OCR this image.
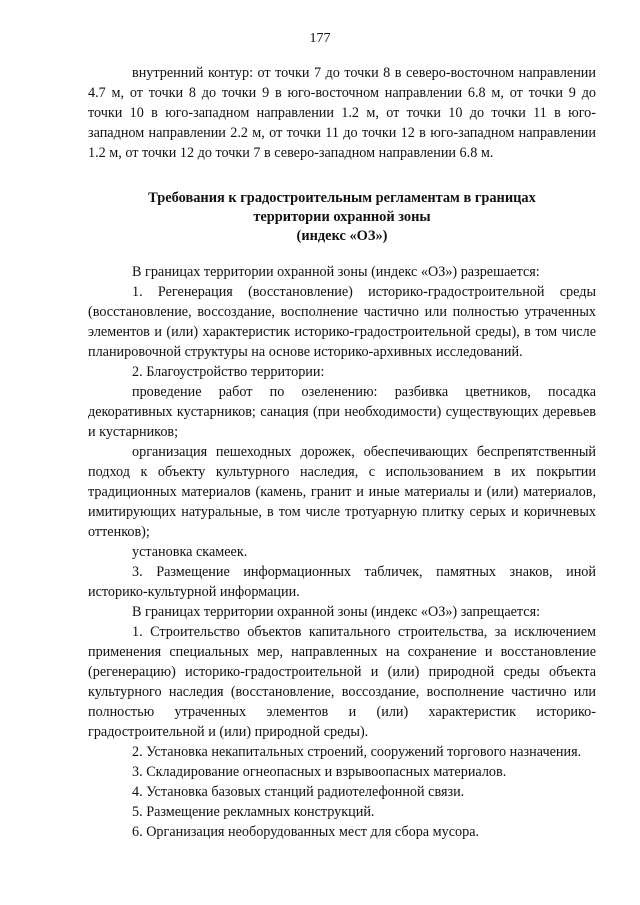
177

внутренний контур: от точки 7 до точки 8 в северо-восточном направлении 4.7 м, от точки 8 до точки 9 в юго-восточном направлении 6.8 м, от точки 9 до точки 10 в юго-западном направлении 1.2 м, от точки 10 до точки 11 в юго-западном направлении 2.2 м, от точки 11 до точки 12 в юго-западном направлении 1.2 м, от точки 12 до точки 7 в северо-западном направлении 6.8 м.

Требования к градостроительным регламентам в границах
территории охранной зоны
(индекс «ОЗ»)

В границах территории охранной зоны (индекс «ОЗ») разрешается:

1. Регенерация (восстановление) историко-градостроительной среды (восстановление, воссоздание, восполнение частично или полностью утраченных элементов и (или) характеристик историко-градостроительной среды), в том числе планировочной структуры на основе историко-архивных исследований.

2. Благоустройство территории:

проведение работ по озеленению: разбивка цветников, посадка декоративных кустарников; санация (при необходимости) существующих деревьев и кустарников;

организация пешеходных дорожек, обеспечивающих беспрепятственный подход к объекту культурного наследия, с использованием в их покрытии традиционных материалов (камень, гранит и иные материалы и (или) материалов, имитирующих натуральные, в том числе тротуарную плитку серых и коричневых оттенков);

установка скамеек.

3. Размещение информационных табличек, памятных знаков, иной историко-культурной информации.

В границах территории охранной зоны (индекс «ОЗ») запрещается:

1. Строительство объектов капитального строительства, за исключением применения специальных мер, направленных на сохранение и восстановление (регенерацию) историко-градостроительной и (или) природной среды объекта культурного наследия (восстановление, воссоздание, восполнение частично или полностью утраченных элементов и (или) характеристик историко-градостроительной и (или) природной среды).

2. Установка некапитальных строений, сооружений торгового назначения.

3. Складирование огнеопасных и взрывоопасных материалов.

4. Установка базовых станций радиотелефонной связи.

5. Размещение рекламных конструкций.

6. Организация необорудованных мест для сбора мусора.
